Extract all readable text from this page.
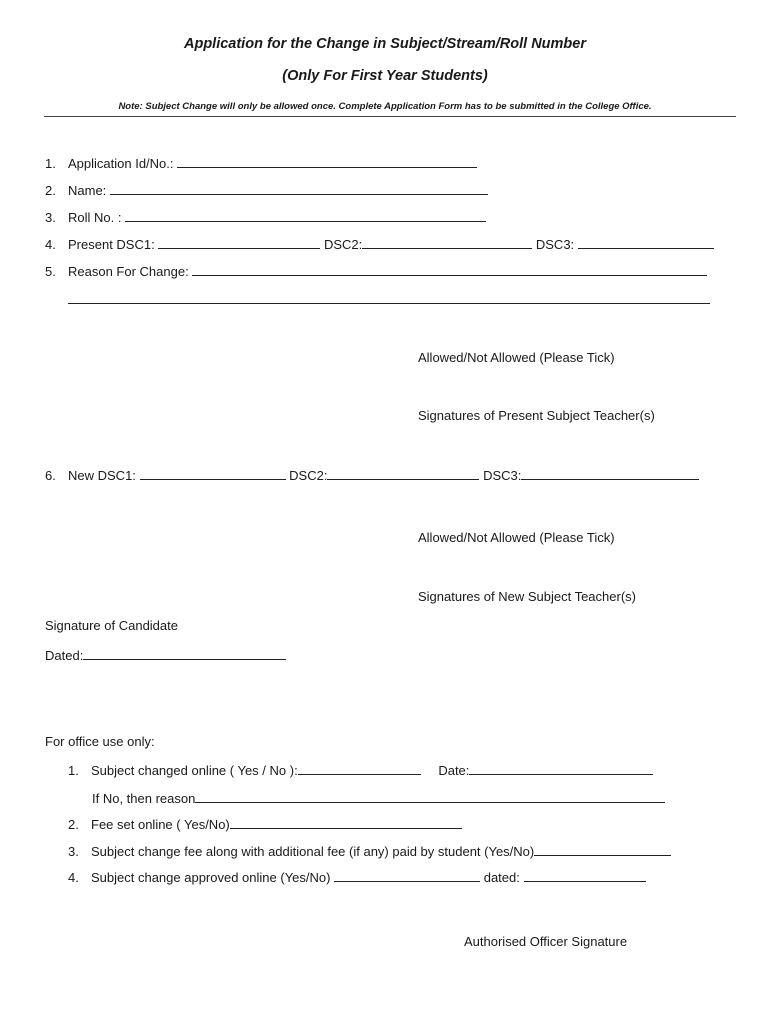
Application for the Change in Subject/Stream/Roll Number
(Only For First Year Students)
Note: Subject Change will only be allowed once. Complete Application Form has to be submitted in the College Office.
1. Application Id/No.:
2. Name:
3. Roll No. :
4. Present DSC1:	DSC2:	DSC3:
5. Reason For Change:
Allowed/Not Allowed (Please Tick)
Signatures of Present Subject Teacher(s)
6. New DSC1:	DSC2:	DSC3:
Allowed/Not Allowed (Please Tick)
Signatures of New Subject Teacher(s)
Signature of Candidate
Dated:
For office use only:
1. Subject changed online ( Yes / No ):	Date:
If No, then reason
2. Fee set online ( Yes/No)
3. Subject change fee along with additional fee (if any) paid by student (Yes/No)
4. Subject change approved online (Yes/No)	dated:
Authorised Officer Signature
